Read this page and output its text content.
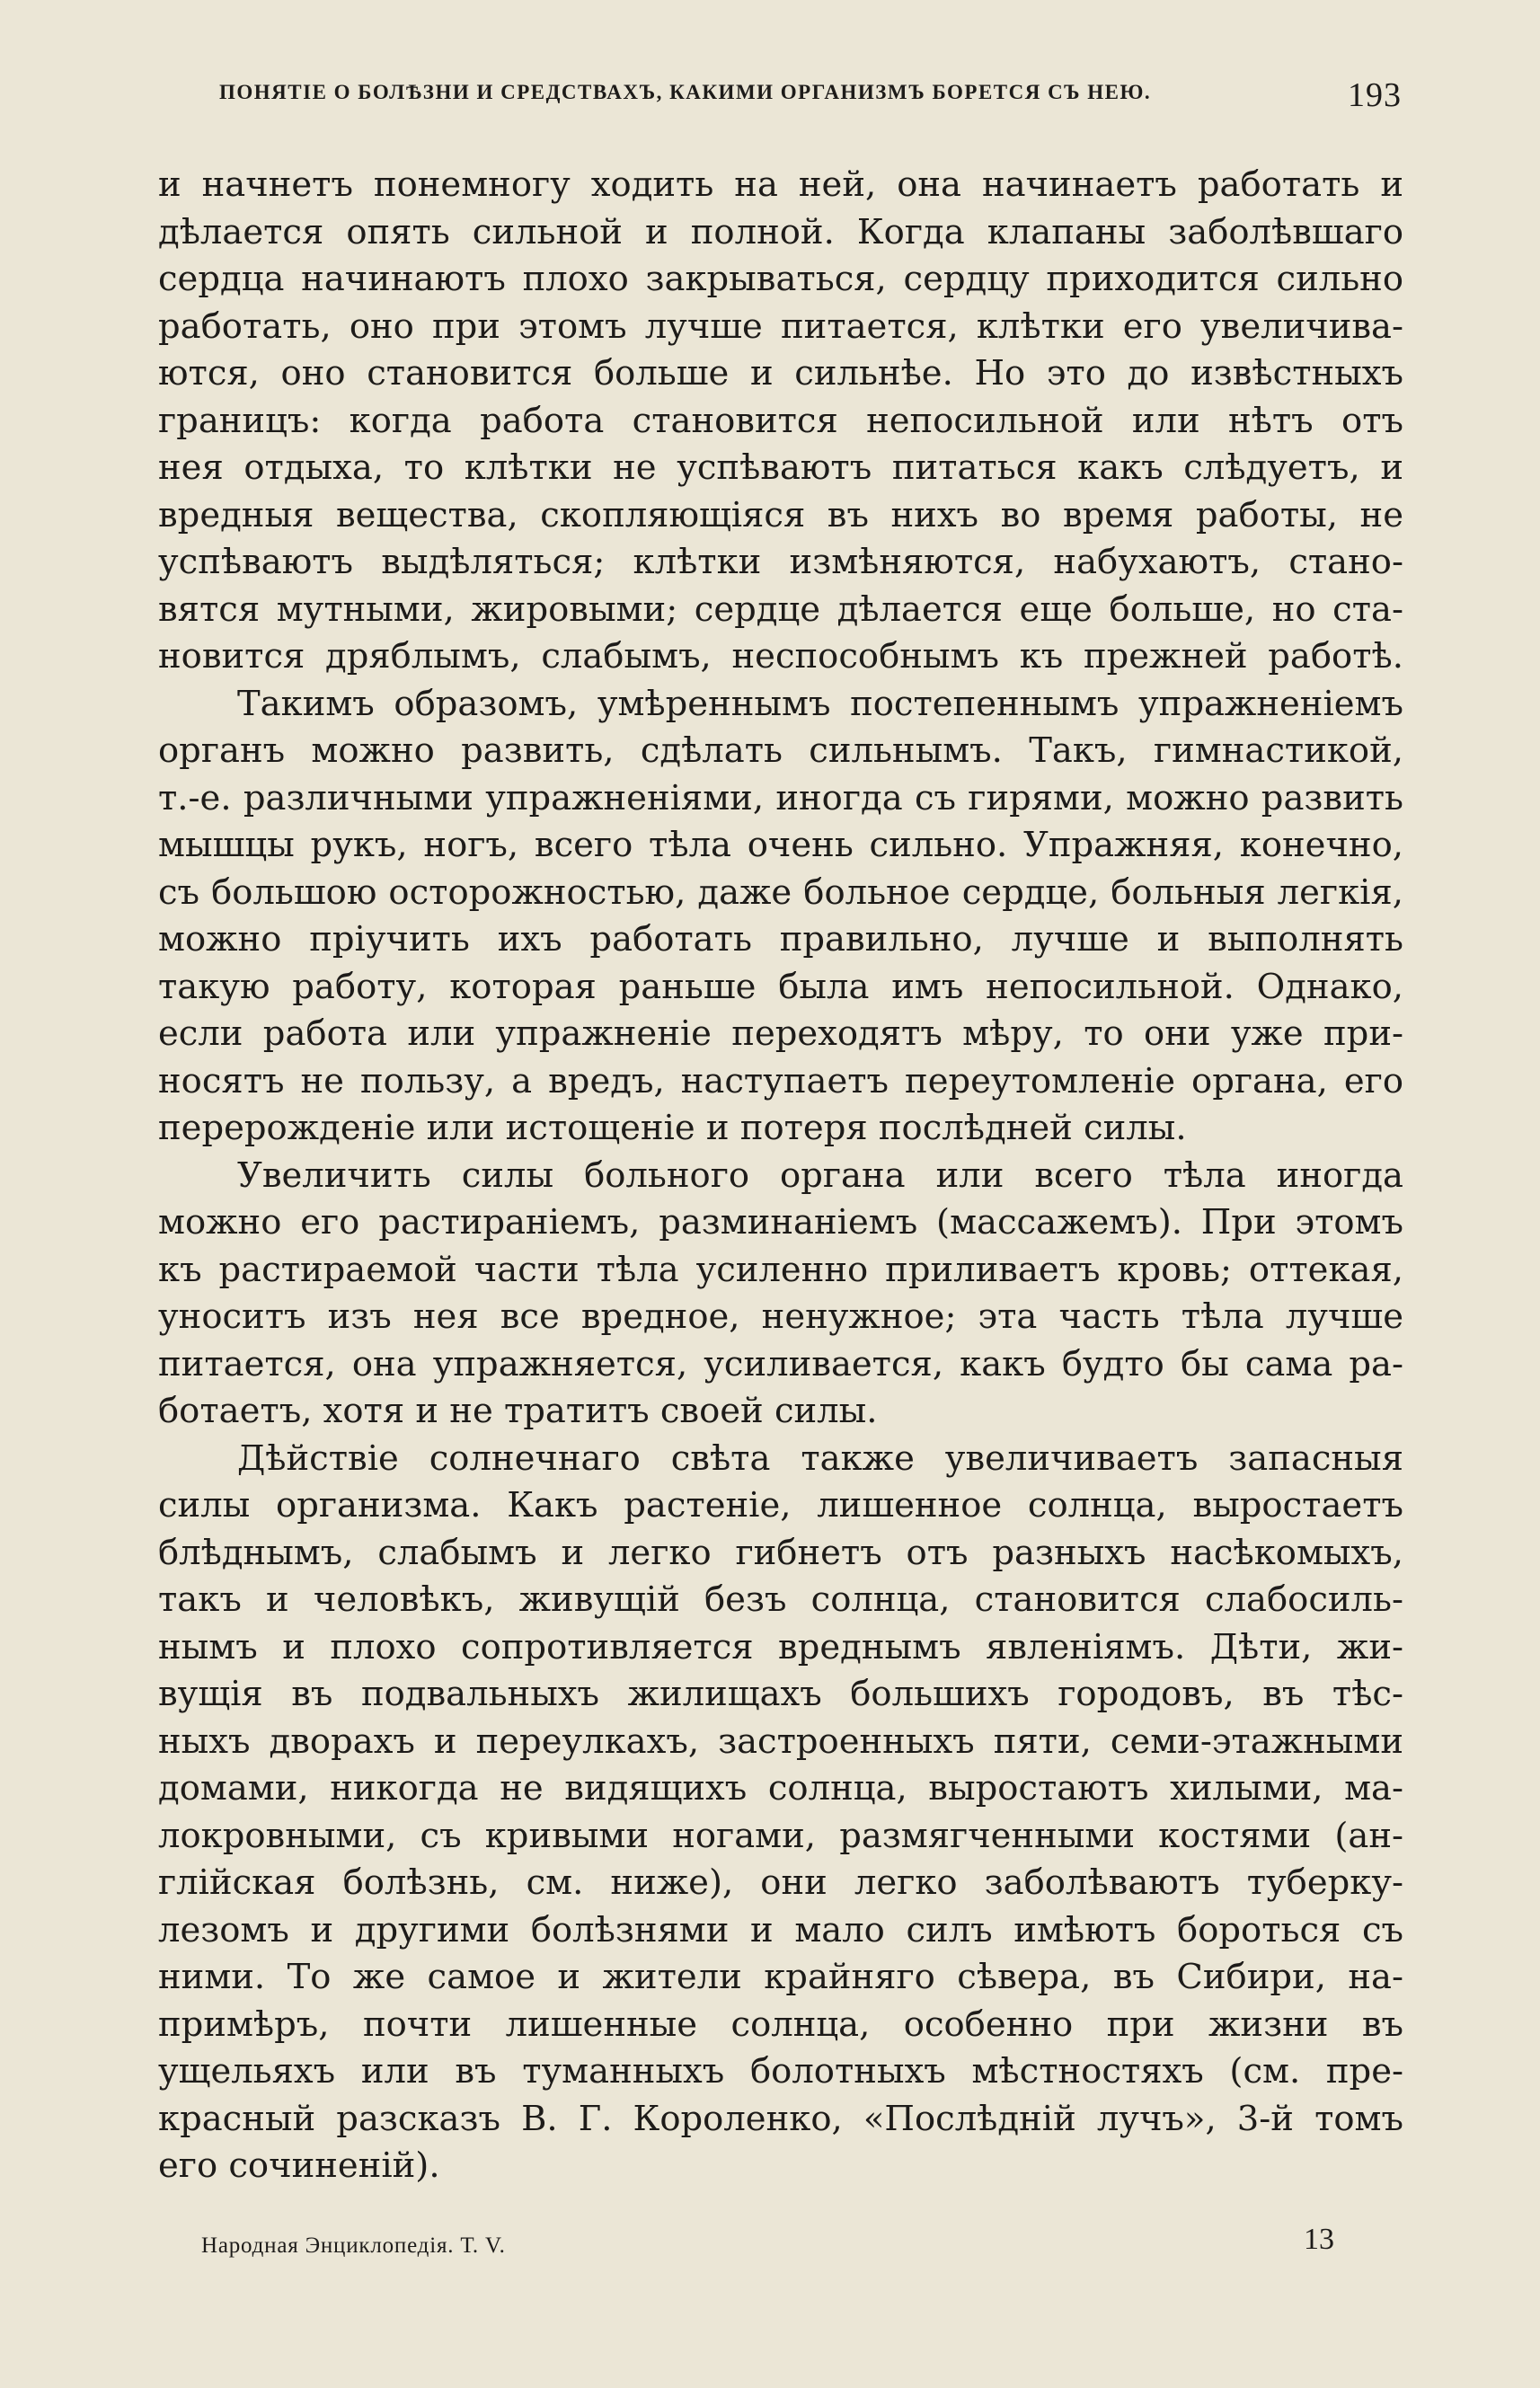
ПОНЯТІЕ О БОЛѢЗНИ И СРЕДСТВАХЪ, КАКИМИ ОРГАНИЗМЪ БОРЕТСЯ СЪ НЕЮ.	193
и начнетъ понемногу ходить на ней, она начинаетъ работать и
дѣлается опять сильной и полной. Когда клапаны заболѣвшаго
сердца начинаютъ плохо закрываться, сердцу приходится сильно
работать, оно при этомъ лучше питается, клѣтки его увеличива-
ются, оно становится больше и сильнѣе. Но это до извѣстныхъ
границъ: когда работа становится непосильной или нѣтъ отъ
нея отдыха, то клѣтки не успѣваютъ питаться какъ слѣдуетъ, и
вредныя вещества, скопляющіяся въ нихъ во время работы, не
успѣваютъ выдѣляться; клѣтки измѣняются, набухаютъ, стано-
вятся мутными, жировыми; сердце дѣлается еще больше, но ста-
новится дряблымъ, слабымъ, неспособнымъ къ прежней работѣ.
Такимъ образомъ, умѣреннымъ постепеннымъ упражненіемъ
органъ можно развить, сдѣлать сильнымъ. Такъ, гимнастикой,
т.-е. различными упражненіями, иногда съ гирями, можно развить
мышцы рукъ, ногъ, всего тѣла очень сильно. Упражняя, конечно,
съ большою осторожностью, даже больное сердце, больныя легкія,
можно пріучить ихъ работать правильно, лучше и выполнять
такую работу, которая раньше была имъ непосильной. Однако,
если работа или упражненіе переходятъ мѣру, то они уже при-
носятъ не пользу, а вредъ, наступаетъ переутомленіе органа, его
перерожденіе или истощеніе и потеря послѣдней силы.
Увеличить силы больного органа или всего тѣла иногда
можно его растираніемъ, разминаніемъ (массажемъ). При этомъ
къ растираемой части тѣла усиленно приливаетъ кровь; оттекая,
уноситъ изъ нея все вредное, ненужное; эта часть тѣла лучше
питается, она упражняется, усиливается, какъ будто бы сама ра-
ботаетъ, хотя и не тратитъ своей силы.
Дѣйствіе солнечнаго свѣта также увеличиваетъ запасныя
силы организма. Какъ растеніе, лишенное солнца, выростаетъ
блѣднымъ, слабымъ и легко гибнетъ отъ разныхъ насѣкомыхъ,
такъ и человѣкъ, живущій безъ солнца, становится слабосиль-
нымъ и плохо сопротивляется вреднымъ явленіямъ. Дѣти, жи-
вущія въ подвальныхъ жилищахъ большихъ городовъ, въ тѣс-
ныхъ дворахъ и переулкахъ, застроенныхъ пяти, семи-этажными
домами, никогда не видящихъ солнца, выростаютъ хилыми, ма-
локровными, съ кривыми ногами, размягченными костями (ан-
глійская болѣзнь, см. ниже), они легко заболѣваютъ туберку-
лезомъ и другими болѣзнями и мало силъ имѣютъ бороться съ
ними. То же самое и жители крайняго сѣвера, въ Сибири, на-
примѣръ, почти лишенные солнца, особенно при жизни въ
ущельяхъ или въ туманныхъ болотныхъ мѣстностяхъ (см. пре-
красный разсказъ В. Г. Короленко, «Послѣдній лучъ», 3-й томъ
его сочиненій).
Народная Энциклопедія. Т. V.	13
